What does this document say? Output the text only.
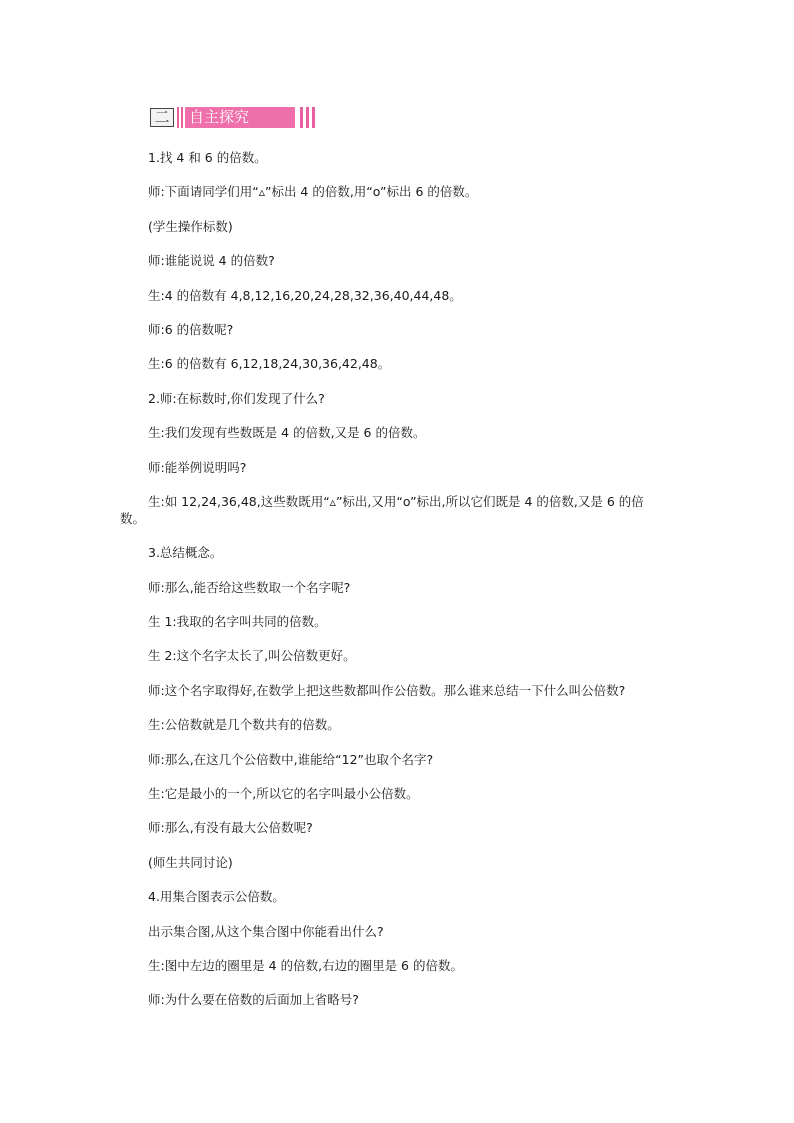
二	自主探究

1.找 4 和 6 的倍数。

师:下面请同学们用“▵”标出 4 的倍数,用“o”标出 6 的倍数。

(学生操作标数)

师:谁能说说 4 的倍数?

生:4 的倍数有 4,8,12,16,20,24,28,32,36,40,44,48。

师:6 的倍数呢?

生:6 的倍数有 6,12,18,24,30,36,42,48。

2.师:在标数时,你们发现了什么?

生:我们发现有些数既是 4 的倍数,又是 6 的倍数。

师:能举例说明吗?

生:如 12,24,36,48,这些数既用“▵”标出,又用“o”标出,所以它们既是 4 的倍数,又是 6 的倍
数。

3.总结概念。

师:那么,能否给这些数取一个名字呢?

生 1:我取的名字叫共同的倍数。

生 2:这个名字太长了,叫公倍数更好。

师:这个名字取得好,在数学上把这些数都叫作公倍数。那么谁来总结一下什么叫公倍数?

生:公倍数就是几个数共有的倍数。

师:那么,在这几个公倍数中,谁能给“12”也取个名字?

生:它是最小的一个,所以它的名字叫最小公倍数。

师:那么,有没有最大公倍数呢?

(师生共同讨论)

4.用集合图表示公倍数。

出示集合图,从这个集合图中你能看出什么?

生:图中左边的圈里是 4 的倍数,右边的圈里是 6 的倍数。

师:为什么要在倍数的后面加上省略号?
